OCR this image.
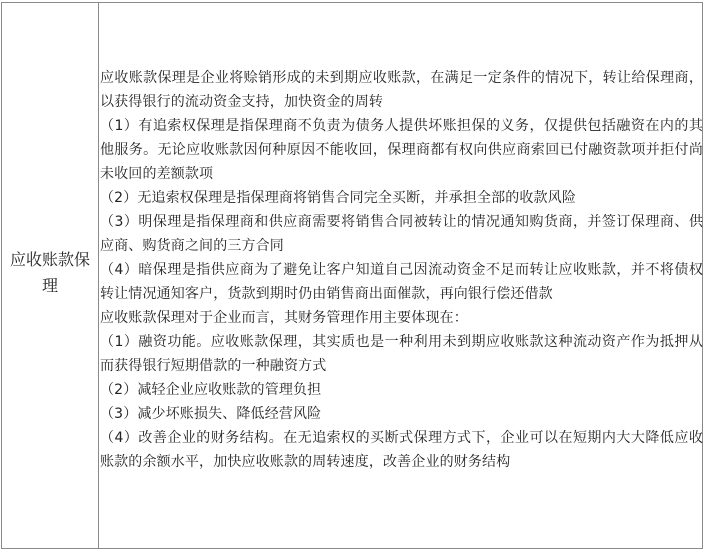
应收账款保理

应收账款保理是企业将赊销形成的未到期应收账款，在满足一定条件的情况下，转让给保理商，以获得银行的流动资金支持，加快资金的周转

（1）有追索权保理是指保理商不负责为债务人提供坏账担保的义务，仅提供包括融资在内的其他服务。无论应收账款因何种原因不能收回，保理商都有权向供应商索回已付融资款项并拒付尚未收回的差额款项

（2）无追索权保理是指保理商将销售合同完全买断，并承担全部的收款风险

（3）明保理是指保理商和供应商需要将销售合同被转让的情况通知购货商，并签订保理商、供应商、购货商之间的三方合同

（4）暗保理是指供应商为了避免让客户知道自己因流动资金不足而转让应收账款，并不将债权转让情况通知客户，货款到期时仍由销售商出面催款，再向银行偿还借款

应收账款保理对于企业而言，其财务管理作用主要体现在：

（1）融资功能。应收账款保理，其实质也是一种利用未到期应收账款这种流动资产作为抵押从而获得银行短期借款的一种融资方式

（2）减轻企业应收账款的管理负担

（3）减少坏账损失、降低经营风险

（4）改善企业的财务结构。在无追索权的买断式保理方式下，企业可以在短期内大大降低应收账款的余额水平，加快应收账款的周转速度，改善企业的财务结构
